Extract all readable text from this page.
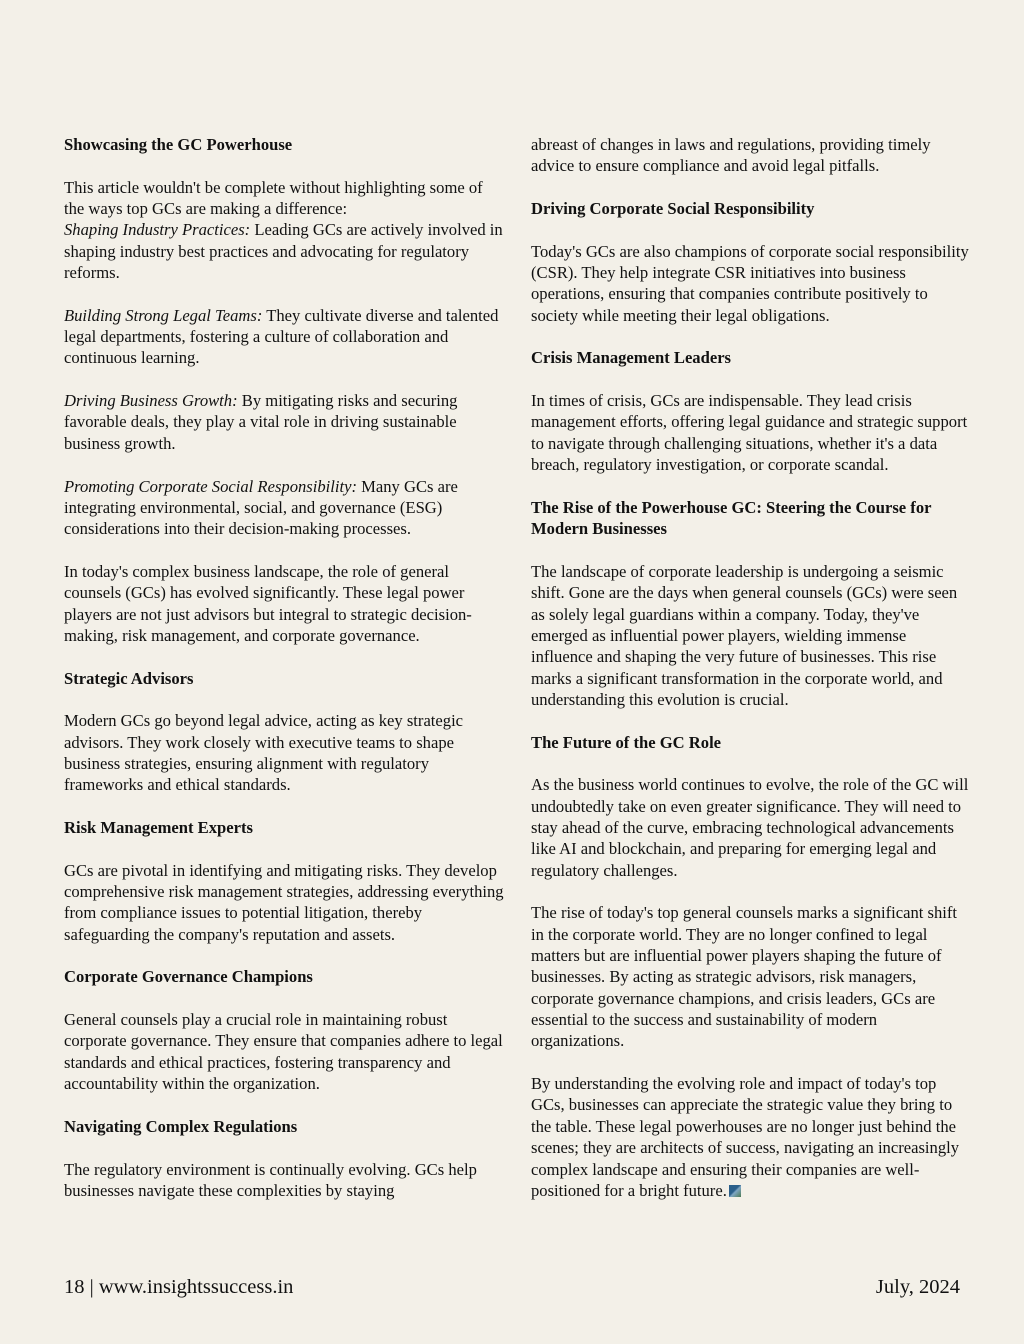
Showcasing the GC Powerhouse

This article wouldn't be complete without highlighting some of the ways top GCs are making a difference:

Shaping Industry Practices: Leading GCs are actively involved in shaping industry best practices and advocating for regulatory reforms.

Building Strong Legal Teams: They cultivate diverse and talented legal departments, fostering a culture of collaboration and continuous learning.

Driving Business Growth: By mitigating risks and securing favorable deals, they play a vital role in driving sustainable business growth.

Promoting Corporate Social Responsibility: Many GCs are integrating environmental, social, and governance (ESG) considerations into their decision-making processes.

In today's complex business landscape, the role of general counsels (GCs) has evolved significantly. These legal power players are not just advisors but integral to strategic decision-making, risk management, and corporate governance.

Strategic Advisors

Modern GCs go beyond legal advice, acting as key strategic advisors. They work closely with executive teams to shape business strategies, ensuring alignment with regulatory frameworks and ethical standards.

Risk Management Experts

GCs are pivotal in identifying and mitigating risks. They develop comprehensive risk management strategies, addressing everything from compliance issues to potential litigation, thereby safeguarding the company's reputation and assets.

Corporate Governance Champions

General counsels play a crucial role in maintaining robust corporate governance. They ensure that companies adhere to legal standards and ethical practices, fostering transparency and accountability within the organization.

Navigating Complex Regulations

The regulatory environment is continually evolving. GCs help businesses navigate these complexities by staying

abreast of changes in laws and regulations, providing timely advice to ensure compliance and avoid legal pitfalls.

Driving Corporate Social Responsibility

Today's GCs are also champions of corporate social responsibility (CSR). They help integrate CSR initiatives into business operations, ensuring that companies contribute positively to society while meeting their legal obligations.

Crisis Management Leaders

In times of crisis, GCs are indispensable. They lead crisis management efforts, offering legal guidance and strategic support to navigate through challenging situations, whether it's a data breach, regulatory investigation, or corporate scandal.

The Rise of the Powerhouse GC: Steering the Course for Modern Businesses

The landscape of corporate leadership is undergoing a seismic shift. Gone are the days when general counsels (GCs) were seen as solely legal guardians within a company. Today, they've emerged as influential power players, wielding immense influence and shaping the very future of businesses. This rise marks a significant transformation in the corporate world, and understanding this evolution is crucial.

The Future of the GC Role

As the business world continues to evolve, the role of the GC will undoubtedly take on even greater significance. They will need to stay ahead of the curve, embracing technological advancements like AI and blockchain, and preparing for emerging legal and regulatory challenges.

The rise of today's top general counsels marks a significant shift in the corporate world. They are no longer confined to legal matters but are influential power players shaping the future of businesses. By acting as strategic advisors, risk managers, corporate governance champions, and crisis leaders, GCs are essential to the success and sustainability of modern organizations.

By understanding the evolving role and impact of today's top GCs, businesses can appreciate the strategic value they bring to the table. These legal powerhouses are no longer just behind the scenes; they are architects of success, navigating an increasingly complex landscape and ensuring their companies are well-positioned for a bright future.

18 | www.insightssuccess.in	July, 2024
